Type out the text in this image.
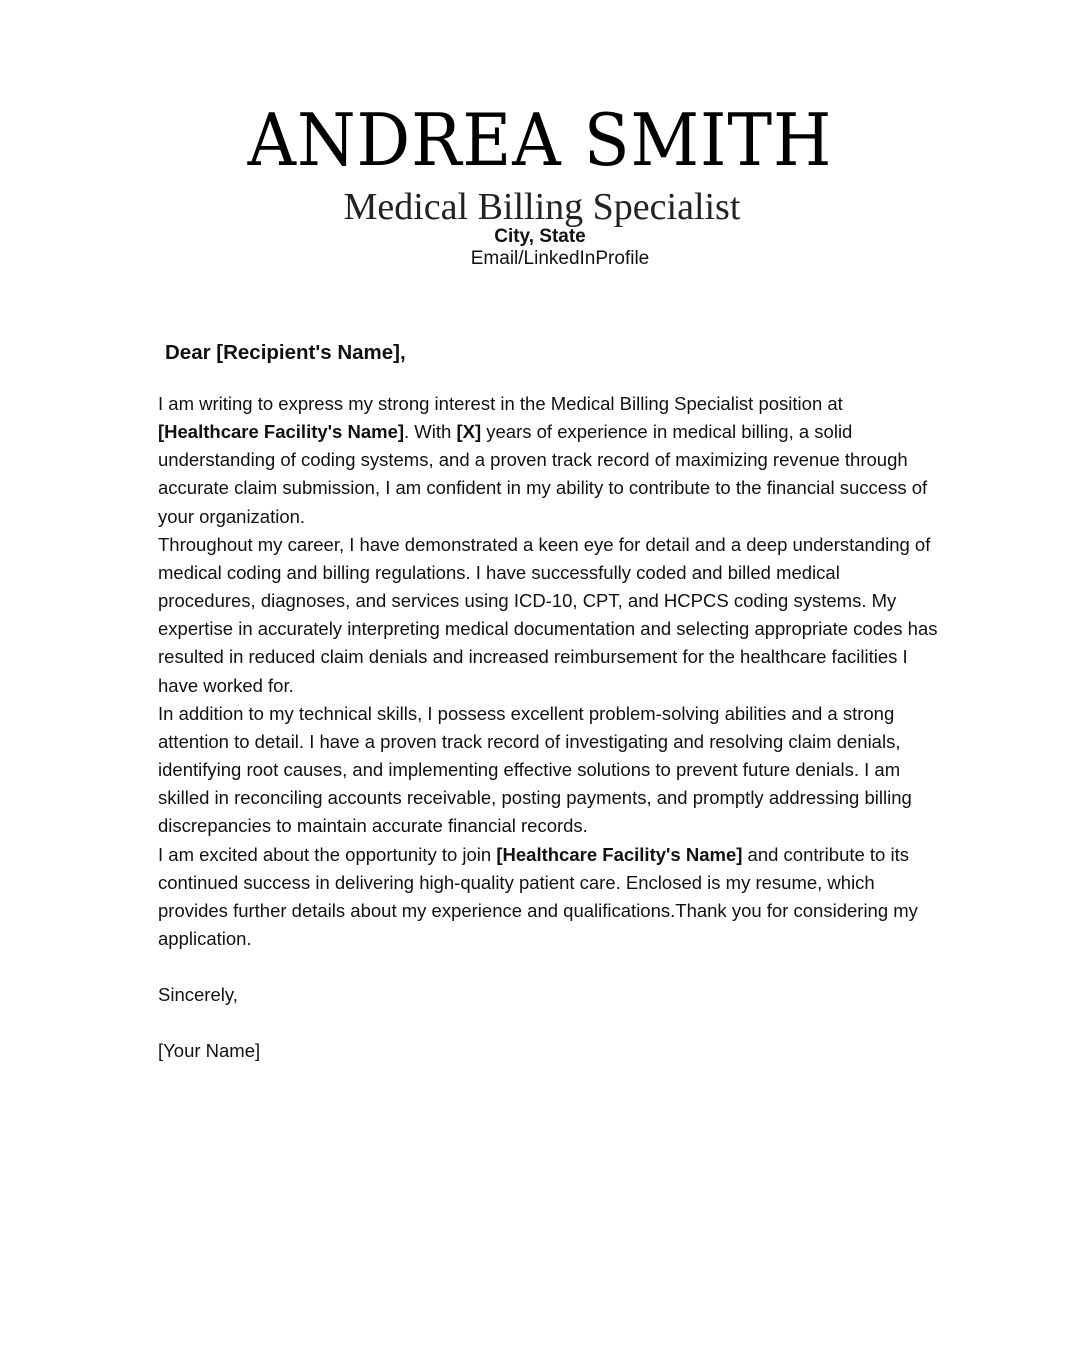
ANDREA SMITH
Medical Billing Specialist
City, State
Email/LinkedInProfile
Dear [Recipient's Name],

I am writing to express my strong interest in the Medical Billing Specialist position at [Healthcare Facility's Name]. With [X] years of experience in medical billing, a solid understanding of coding systems, and a proven track record of maximizing revenue through accurate claim submission, I am confident in my ability to contribute to the financial success of your organization.

Throughout my career, I have demonstrated a keen eye for detail and a deep understanding of medical coding and billing regulations. I have successfully coded and billed medical procedures, diagnoses, and services using ICD-10, CPT, and HCPCS coding systems. My expertise in accurately interpreting medical documentation and selecting appropriate codes has resulted in reduced claim denials and increased reimbursement for the healthcare facilities I have worked for.

In addition to my technical skills, I possess excellent problem-solving abilities and a strong attention to detail. I have a proven track record of investigating and resolving claim denials, identifying root causes, and implementing effective solutions to prevent future denials. I am skilled in reconciling accounts receivable, posting payments, and promptly addressing billing discrepancies to maintain accurate financial records.

I am excited about the opportunity to join [Healthcare Facility's Name] and contribute to its continued success in delivering high-quality patient care. Enclosed is my resume, which provides further details about my experience and qualifications.Thank you for considering my application.

Sincerely,
[Your Name]
